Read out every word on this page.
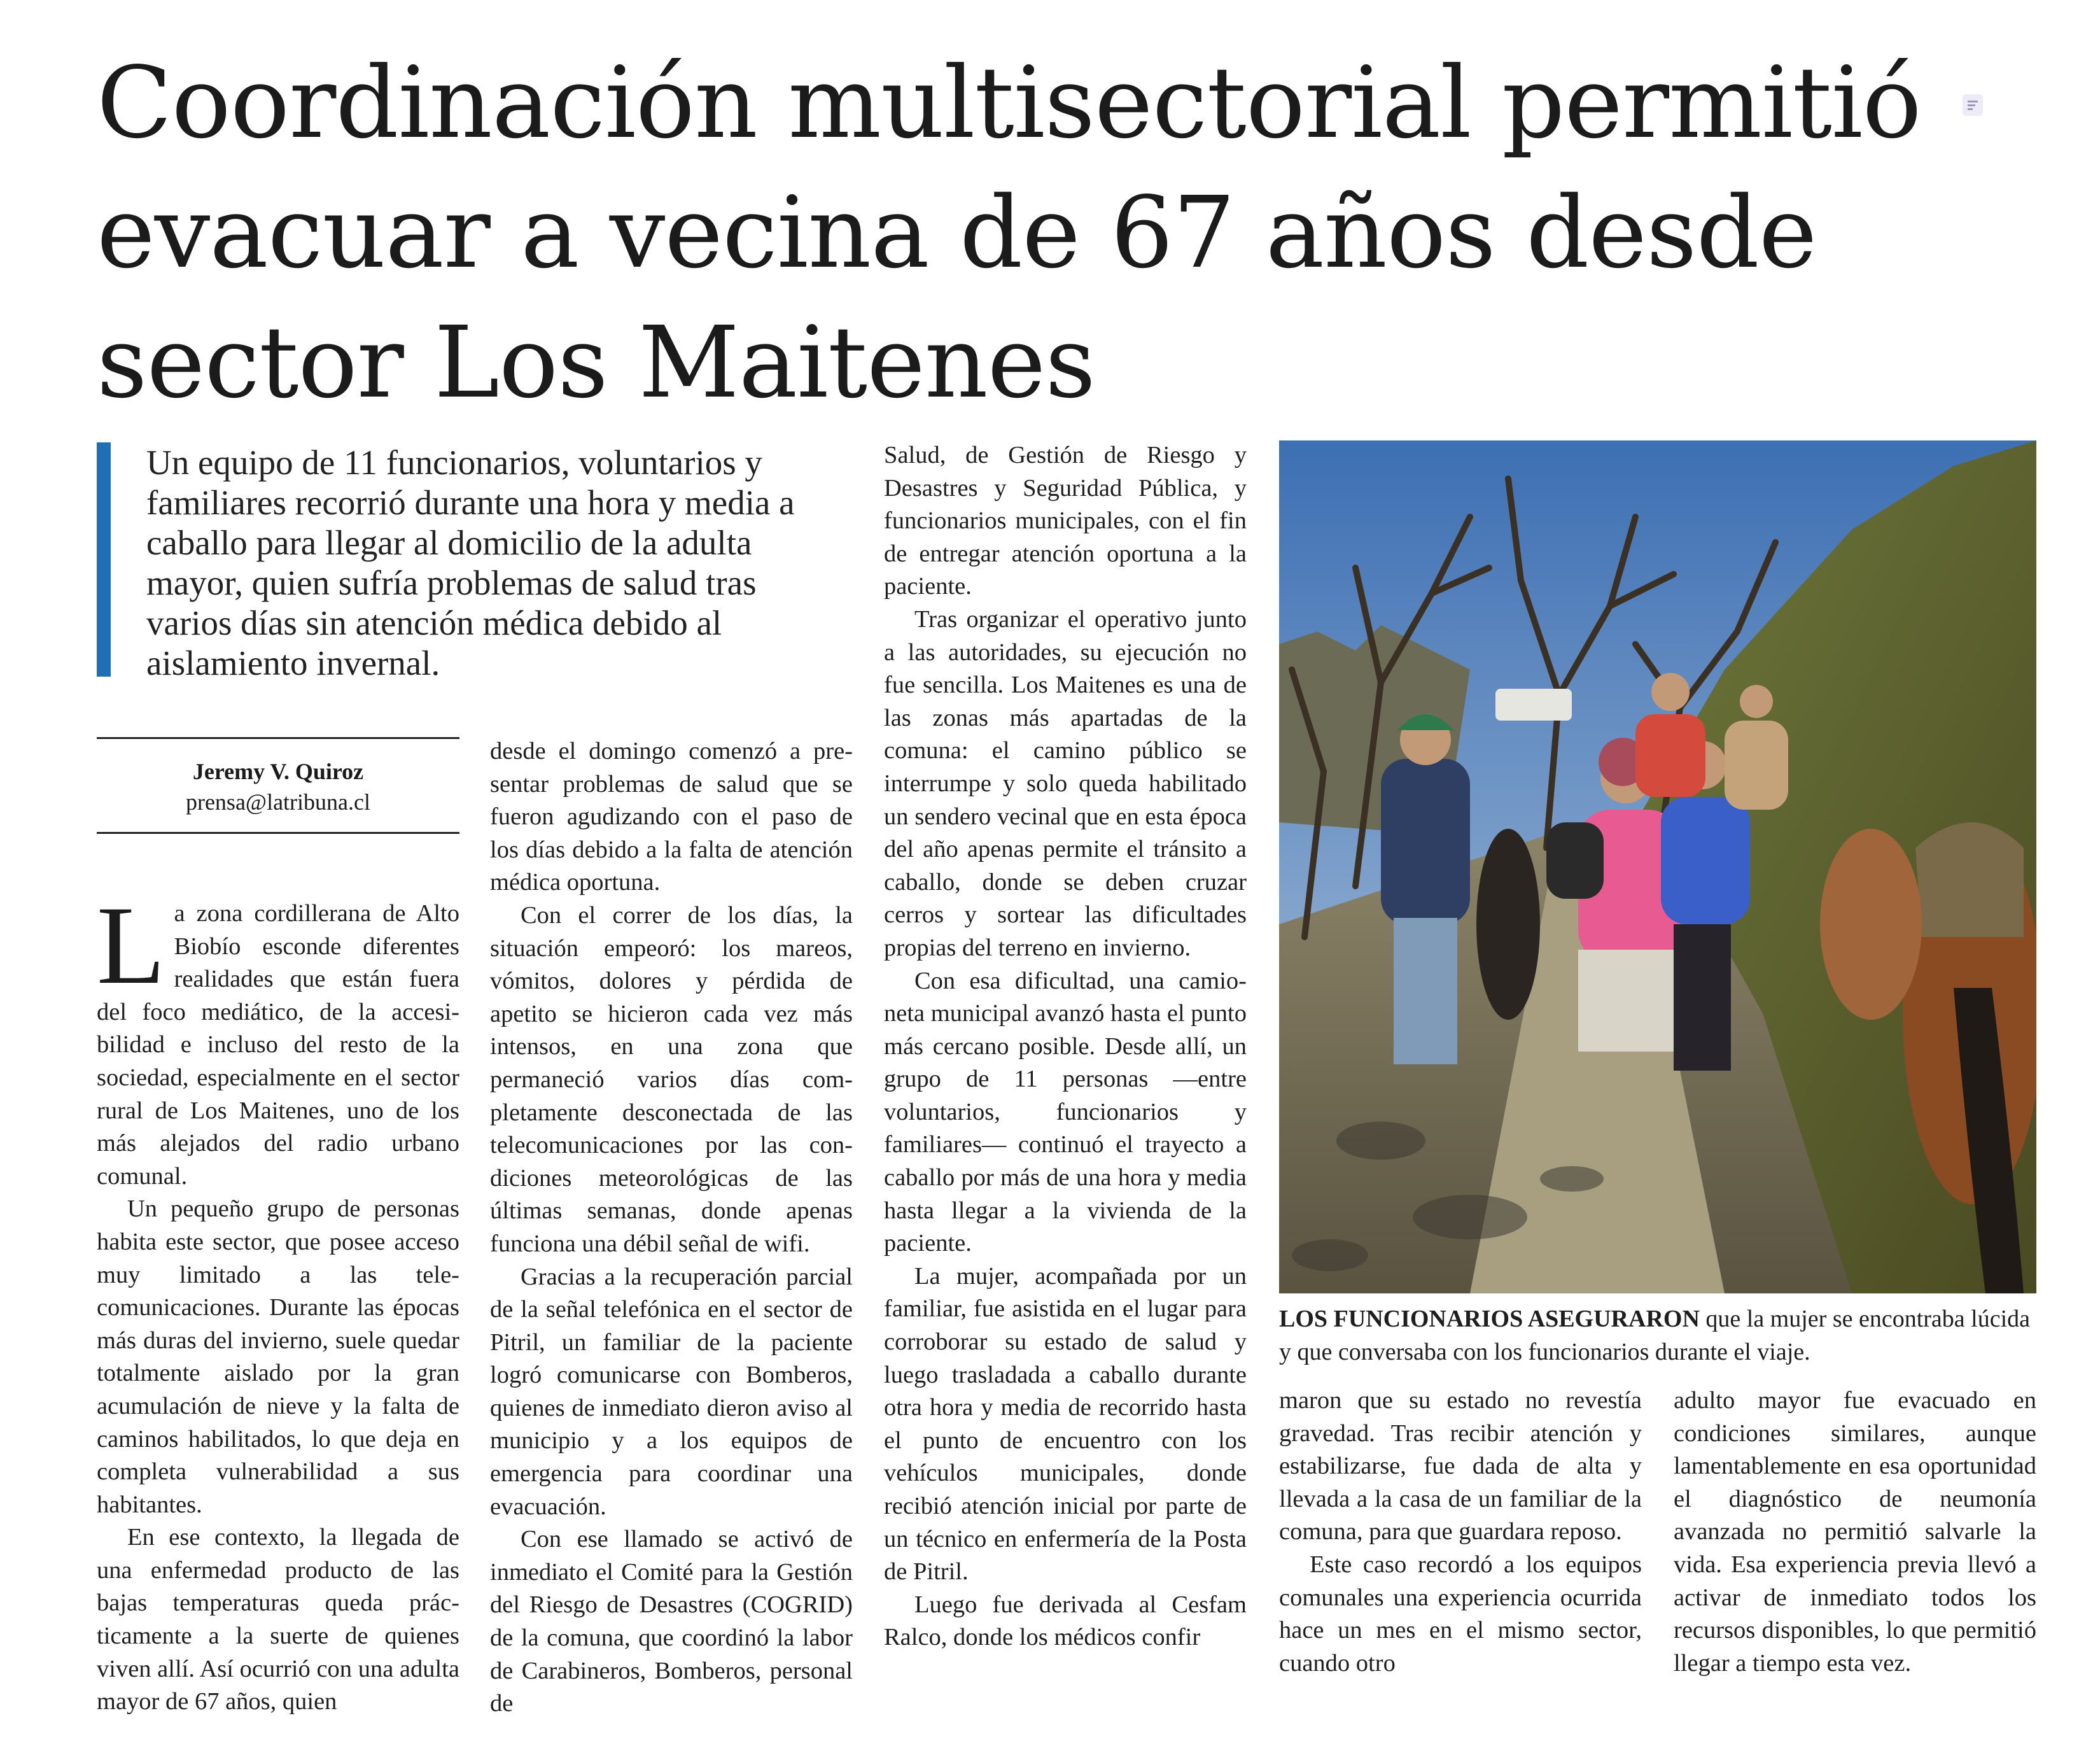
Coordinación multisectorial permitió evacuar a vecina de 67 años desde sector Los Maitenes
Un equipo de 11 funcionarios, voluntarios y familiares recorrió durante una hora y media a caballo para llegar al domicilio de la adulta mayor, quien sufría problemas de salud tras varios días sin atención médica debido al aislamiento invernal.
Jeremy V. Quiroz
prensa@latribuna.cl

La zona cordillerana de Alto Biobío esconde diferentes realidades que están fuera del foco mediático, de la accesibilidad e incluso del resto de la sociedad, especialmente en el sector rural de Los Maitenes, uno de los más alejados del radio urbano comunal.

Un pequeño grupo de personas habita este sector, que posee acceso muy limitado a las telecomunicaciones. Durante las épocas más duras del invierno, suele quedar totalmente aislado por la gran acumulación de nieve y la falta de caminos habilitados, lo que deja en completa vulnerabilidad a sus habitantes.

En ese contexto, la llegada de una enfermedad producto de las bajas temperaturas queda prácticamente a la suerte de quienes viven allí. Así ocurrió con una adulta mayor de 67 años, quien

desde el domingo comenzó a presentar problemas de salud que se fueron agudizando con el paso de los días debido a la falta de atención médica oportuna.

Con el correr de los días, la situación empeoró: los mareos, vómitos, dolores y pérdida de apetito se hicieron cada vez más intensos, en una zona que permaneció varios días completamente desconectada de las telecomunicaciones por las condiciones meteorológicas de las últimas semanas, donde apenas funciona una débil señal de wifi.

Gracias a la recuperación parcial de la señal telefónica en el sector de Pitril, un familiar de la paciente logró comunicarse con Bomberos, quienes de inmediato dieron aviso al municipio y a los equipos de emergencia para coordinar una evacuación.

Con ese llamado se activó de inmediato el Comité para la Gestión del Riesgo de Desastres (COGRID) de la comuna, que coordinó la labor de Carabineros, Bomberos, personal de

Salud, de Gestión de Riesgo y Desastres y Seguridad Pública, y funcionarios municipales, con el fin de entregar atención oportuna a la paciente.

Tras organizar el operativo junto a las autoridades, su ejecución no fue sencilla. Los Maitenes es una de las zonas más apartadas de la comuna: el camino público se interrumpe y solo queda habilitado un sendero vecinal que en esta época del año apenas permite el tránsito a caballo, donde se deben cruzar cerros y sortear las dificultades propias del terreno en invierno.

Con esa dificultad, una camioneta municipal avanzó hasta el punto más cercano posible. Desde allí, un grupo de 11 personas —entre voluntarios, funcionarios y familiares— continuó el trayecto a caballo por más de una hora y media hasta llegar a la vivienda de la paciente.

La mujer, acompañada por un familiar, fue asistida en el lugar para corroborar su estado de salud y luego trasladada a caballo durante otra hora y media de recorrido hasta el punto de encuentro con los vehículos municipales, donde recibió atención inicial por parte de un técnico en enfermería de la Posta de Pitril.

Luego fue derivada al Cesfam Ralco, donde los médicos confir

LOS FUNCIONARIOS ASEGURARON que la mujer se encontraba lúcida y que conversaba con los funcionarios durante el viaje.

maron que su estado no revestía gravedad. Tras recibir atención y estabilizarse, fue dada de alta y llevada a la casa de un familiar de la comuna, para que guardara reposo.

Este caso recordó a los equipos comunales una experiencia ocurrida hace un mes en el mismo sector, cuando otro

adulto mayor fue evacuado en condiciones similares, aunque lamentablemente en esa oportunidad el diagnóstico de neumonía avanzada no permitió salvarle la vida. Esa experiencia previa llevó a activar de inmediato todos los recursos disponibles, lo que permitió llegar a tiempo esta vez.
